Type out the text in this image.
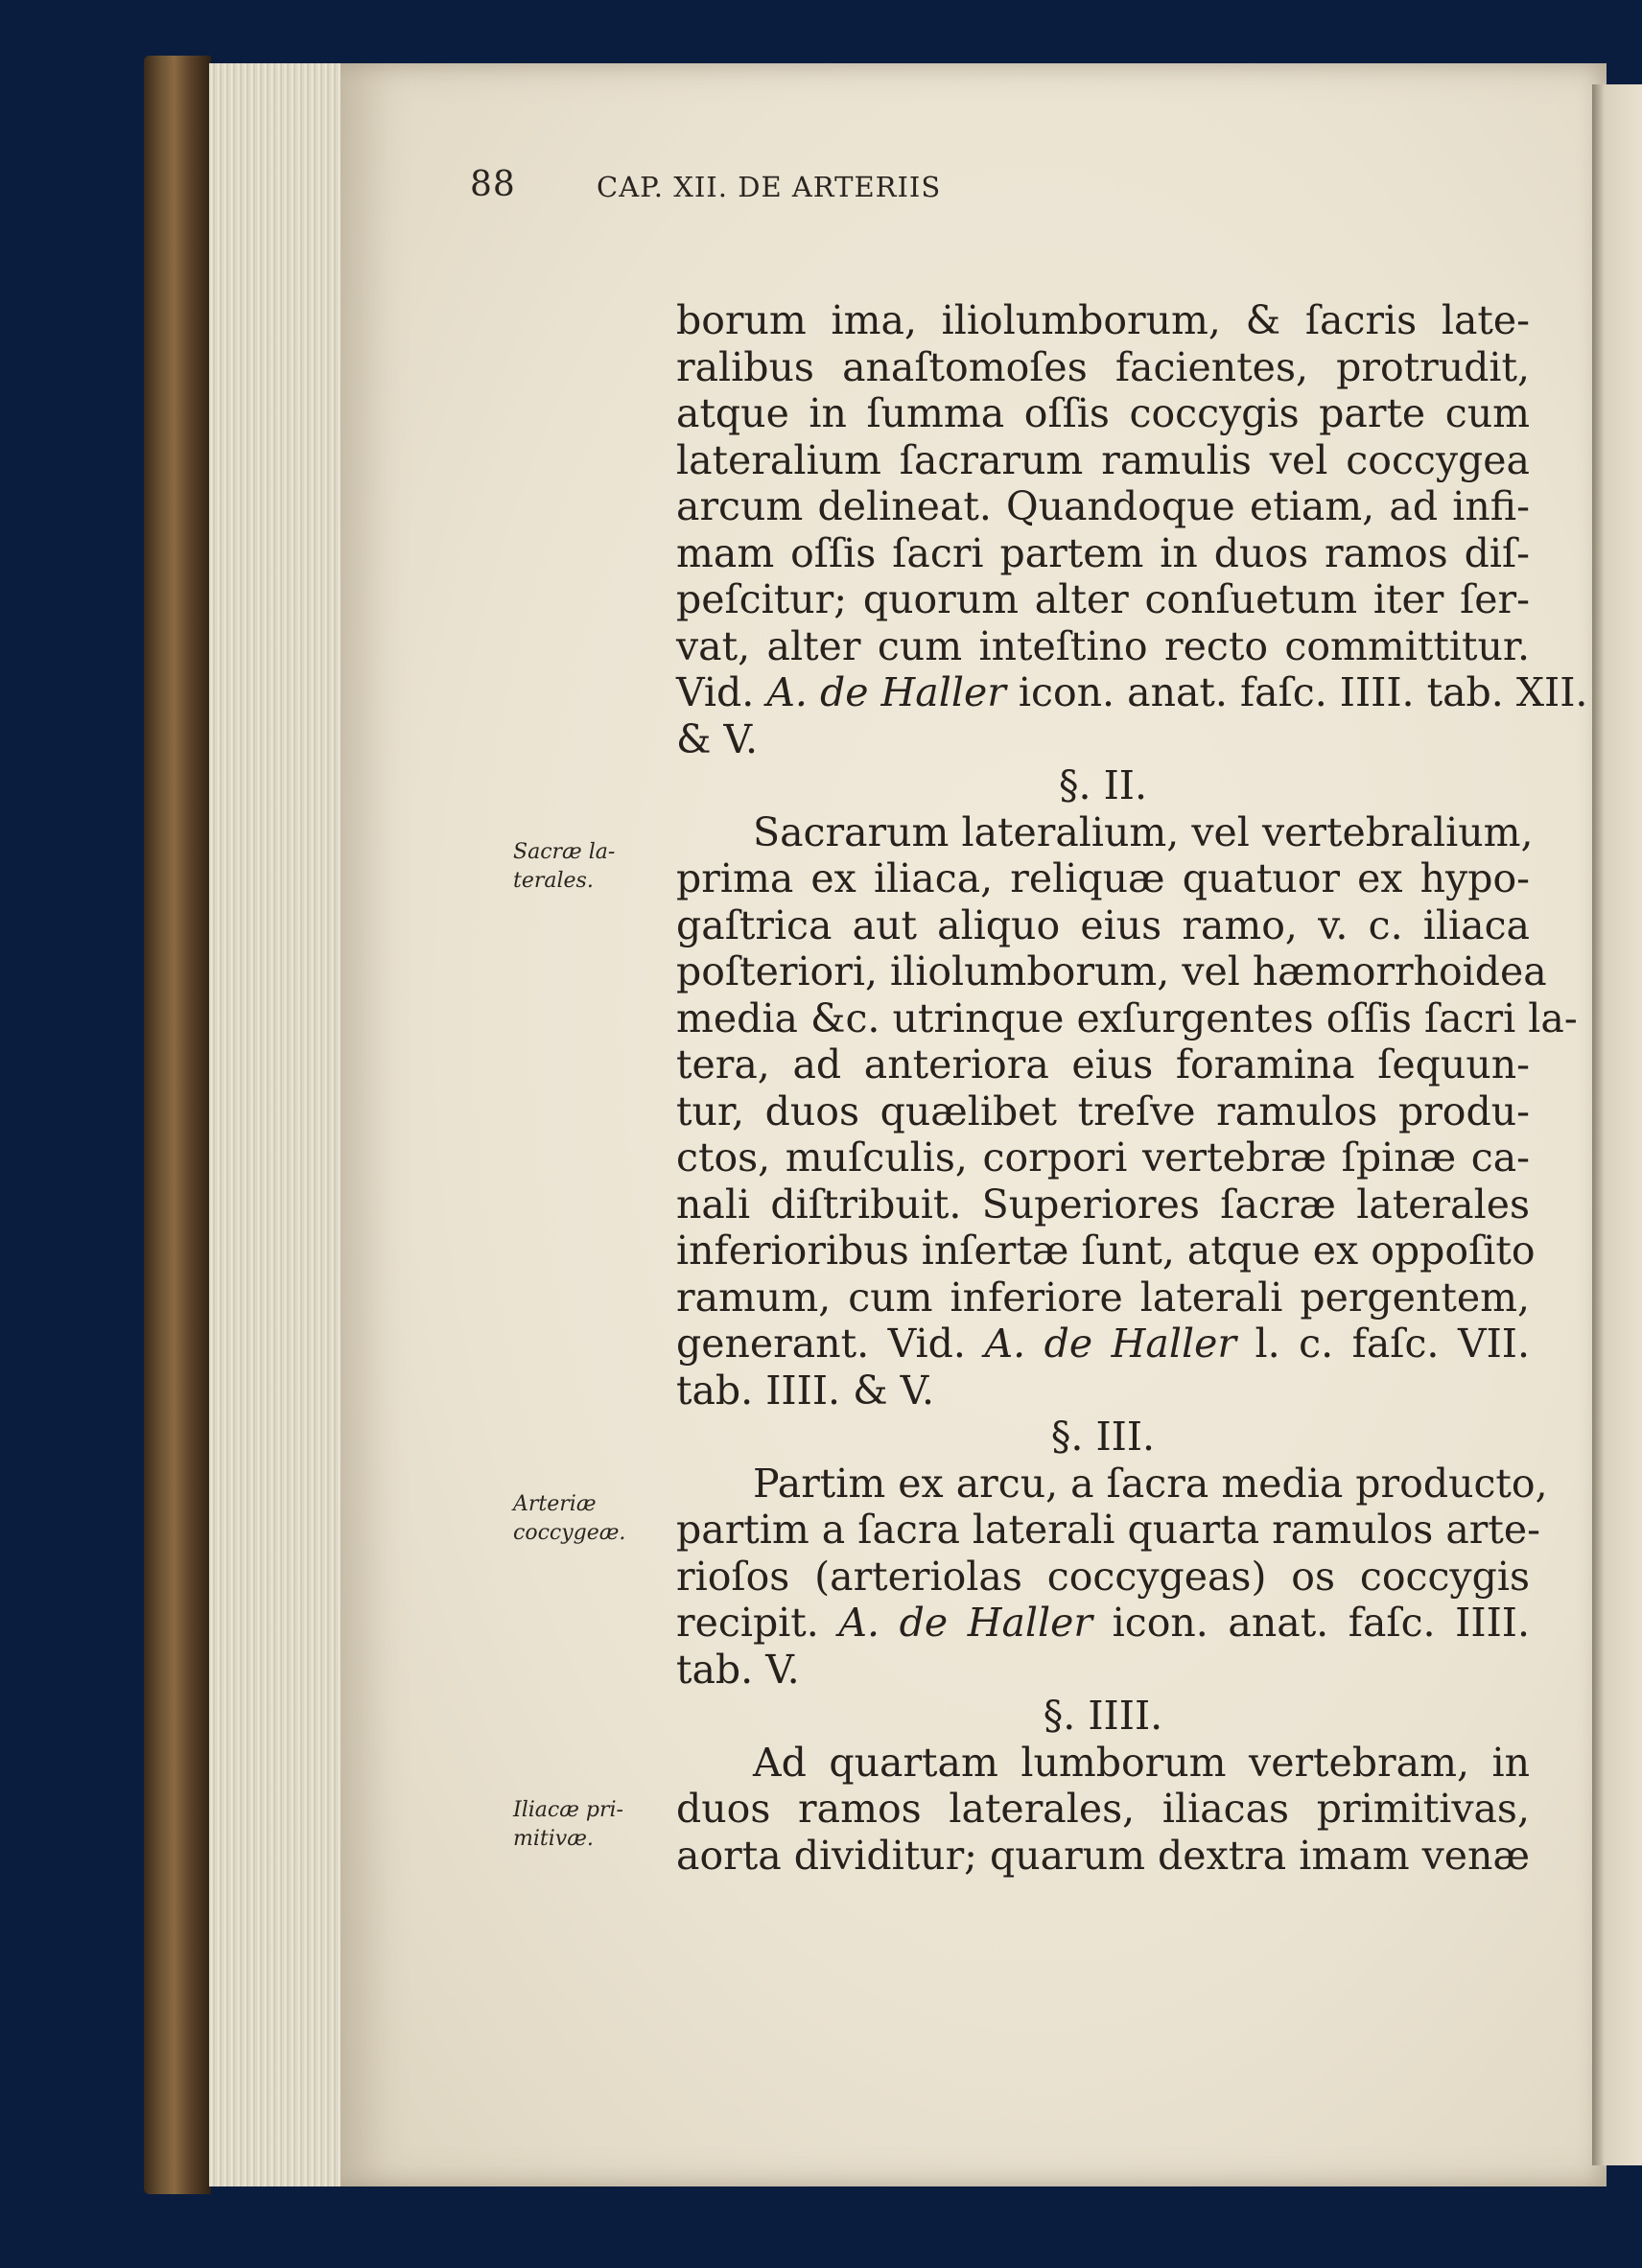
88	CAP. XII. DE ARTERIIS
Sacræ la-
terales.
Arteriæ
coccygeæ.
Iliacæ pri-
mitivæ.
borum ima, iliolumborum, & ſacris late-
ralibus anaſtomoſes facientes, protrudit,
atque in ſumma oſſis coccygis parte cum
lateralium ſacrarum ramulis vel coccygea
arcum delineat. Quandoque etiam, ad infi-
mam oſſis ſacri partem in duos ramos diſ-
peſcitur; quorum alter conſuetum iter ſer-
vat, alter cum inteſtino recto committitur.
Vid. A. de Haller icon. anat. faſc. IIII. tab. XII.
& V.
§. II.
Sacrarum lateralium, vel vertebralium,
prima ex iliaca, reliquæ quatuor ex hypo-
gaſtrica aut aliquo eius ramo, v. c. iliaca
poſteriori, iliolumborum, vel hæmorrhoidea
media &c. utrinque exſurgentes oſſis ſacri la-
tera, ad anteriora eius foramina ſequun-
tur, duos quælibet treſve ramulos produ-
ctos, muſculis, corpori vertebræ ſpinæ ca-
nali diſtribuit. Superiores ſacræ laterales
inferioribus inſertæ ſunt, atque ex oppoſito
ramum, cum inferiore laterali pergentem,
generant. Vid. A. de Haller l. c. faſc. VII.
tab. IIII. & V.
§. III.
Partim ex arcu, a ſacra media producto,
partim a ſacra laterali quarta ramulos arte-
rioſos (arteriolas coccygeas) os coccygis
recipit. A. de Haller icon. anat. faſc. IIII.
tab. V.
§. IIII.
Ad quartam lumborum vertebram, in
duos ramos laterales, iliacas primitivas,
aorta dividitur; quarum dextra imam venæ
